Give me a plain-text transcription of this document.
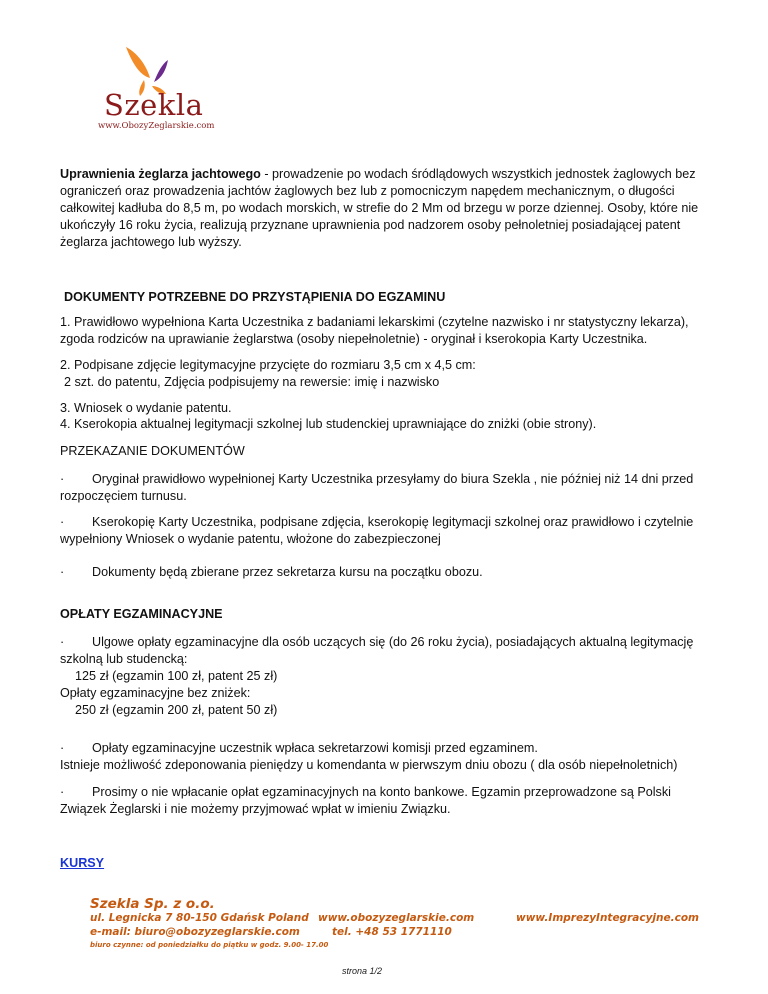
Szekla
www.ObozyZeglarskie.com

Uprawnienia żeglarza jachtowego - prowadzenie po wodach śródlądowych wszystkich jednostek żaglowych bez ograniczeń oraz prowadzenia jachtów żaglowych bez lub z pomocniczym napędem mechanicznym, o długości całkowitej kadłuba do 8,5 m, po wodach morskich, w strefie do 2 Mm od brzegu w porze dziennej. Osoby, które nie ukończyły 16 roku życia, realizują przyznane uprawnienia pod nadzorem osoby pełnoletniej posiadającej patent żeglarza jachtowego lub wyższy.

DOKUMENTY POTRZEBNE DO PRZYSTĄPIENIA DO EGZAMINU

1. Prawidłowo wypełniona Karta Uczestnika z badaniami lekarskimi (czytelne nazwisko i nr statystyczny lekarza), zgoda rodziców na uprawianie żeglarstwa (osoby niepełnoletnie) - oryginał i kserokopia Karty Uczestnika.

2. Podpisane zdjęcie legitymacyjne przycięte do rozmiaru 3,5 cm x 4,5 cm:

2 szt. do patentu, Zdjęcia podpisujemy na rewersie: imię i nazwisko

3. Wniosek o wydanie patentu.

4. Kserokopia aktualnej legitymacji szkolnej lub studenckiej uprawniające do zniżki (obie strony).

PRZEKAZANIE DOKUMENTÓW

· Oryginał prawidłowo wypełnionej Karty Uczestnika przesyłamy do biura Szekla , nie później niż 14 dni przed rozpoczęciem turnusu.

· Kserokopię Karty Uczestnika, podpisane zdjęcia, kserokopię legitymacji szkolnej oraz prawidłowo i czytelnie wypełniony Wniosek o wydanie patentu, włożone do zabezpieczonej

· Dokumenty będą zbierane przez sekretarza kursu na początku obozu.

OPŁATY EGZAMINACYJNE

· Ulgowe opłaty egzaminacyjne dla osób uczących się (do 26 roku życia), posiadających aktualną legitymację szkolną lub studencką:

125 zł (egzamin 100 zł, patent 25 zł)

Opłaty egzaminacyjne bez zniżek:

250 zł (egzamin 200 zł, patent 50 zł)

· Opłaty egzaminacyjne uczestnik wpłaca sekretarzowi komisji przed egzaminem.

Istnieje możliwość zdeponowania pieniędzy u komendanta w pierwszym dniu obozu ( dla osób niepełnoletnich)

· Prosimy o nie wpłacanie opłat egzaminacyjnych na konto bankowe. Egzamin przeprowadzone są Polski Związek Żeglarski i nie możemy przyjmować wpłat w imieniu Związku.

KURSY
Szekla Sp. z o.o.
ul. Legnicka 7 80-150 Gdańsk Poland www.obozyzeglarskie.com	www.ImprezyIntegracyjne.com
e-mail: biuro@obozyzeglarskie.com	tel. +48 53 1771110
biuro czynne: od poniedziałku do piątku w godz. 9.00- 17.00
strona 1/2
